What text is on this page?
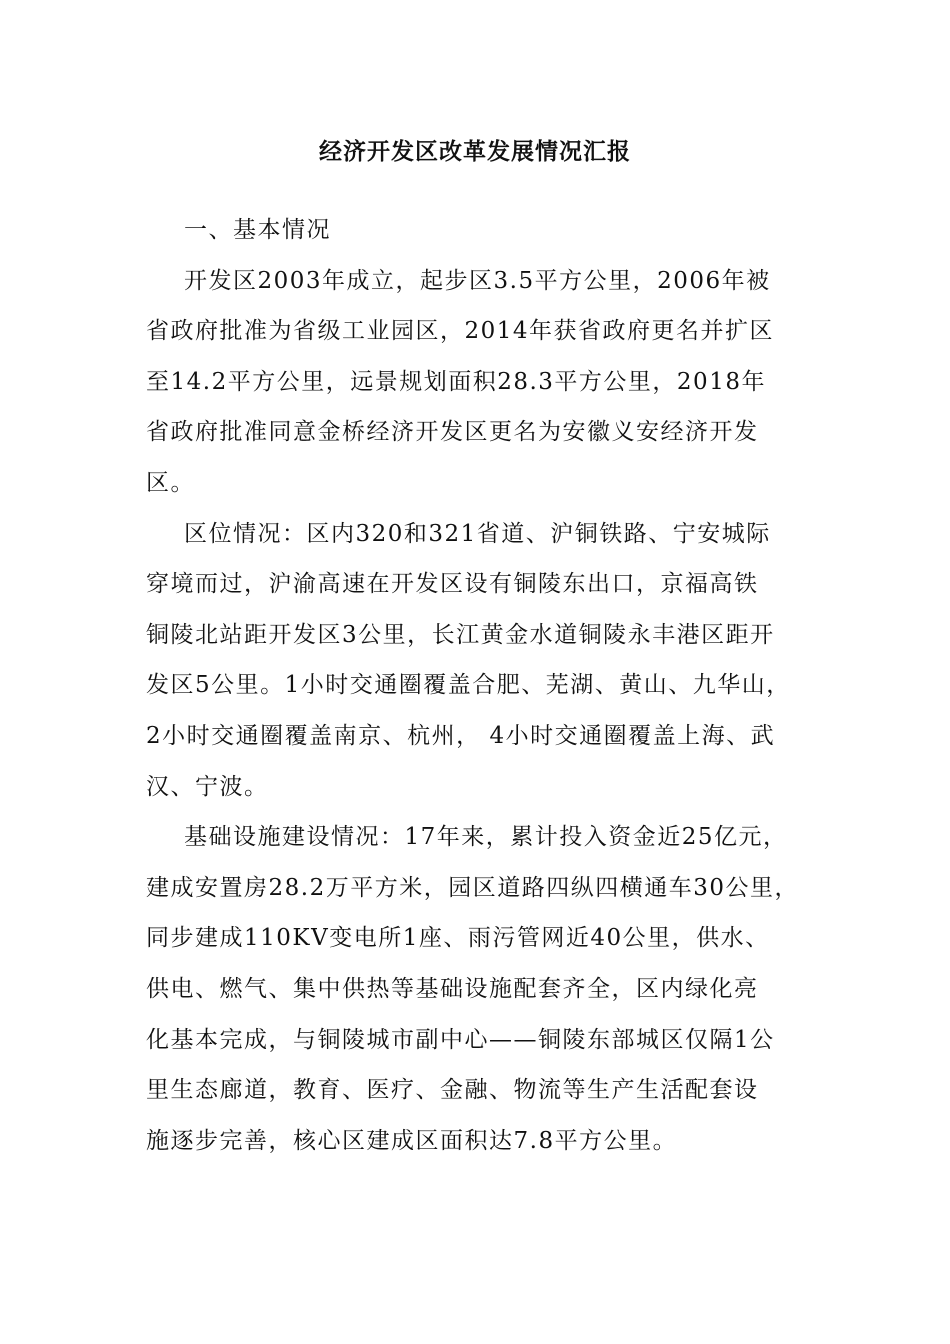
经济开发区改革发展情况汇报
一、基本情况
开发区2003年成立，起步区3.5平方公里，2006年被
省政府批准为省级工业园区，2014年获省政府更名并扩区
至14.2平方公里，远景规划面积28.3平方公里，2018年
省政府批准同意金桥经济开发区更名为安徽义安经济开发
区。
区位情况：区内320和321省道、沪铜铁路、宁安城际
穿境而过，沪渝高速在开发区设有铜陵东出口，京福高铁
铜陵北站距开发区3公里，长江黄金水道铜陵永丰港区距开
发区5公里。1小时交通圈覆盖合肥、芜湖、黄山、九华山，
2小时交通圈覆盖南京、杭州， 4小时交通圈覆盖上海、武
汉、宁波。
基础设施建设情况：17年来，累计投入资金近25亿元，
建成安置房28.2万平方米，园区道路四纵四横通车30公里，
同步建成110KV变电所1座、雨污管网近40公里，供水、
供电、燃气、集中供热等基础设施配套齐全，区内绿化亮
化基本完成，与铜陵城市副中心——铜陵东部城区仅隔1公
里生态廊道，教育、医疗、金融、物流等生产生活配套设
施逐步完善，核心区建成区面积达7.8平方公里。
